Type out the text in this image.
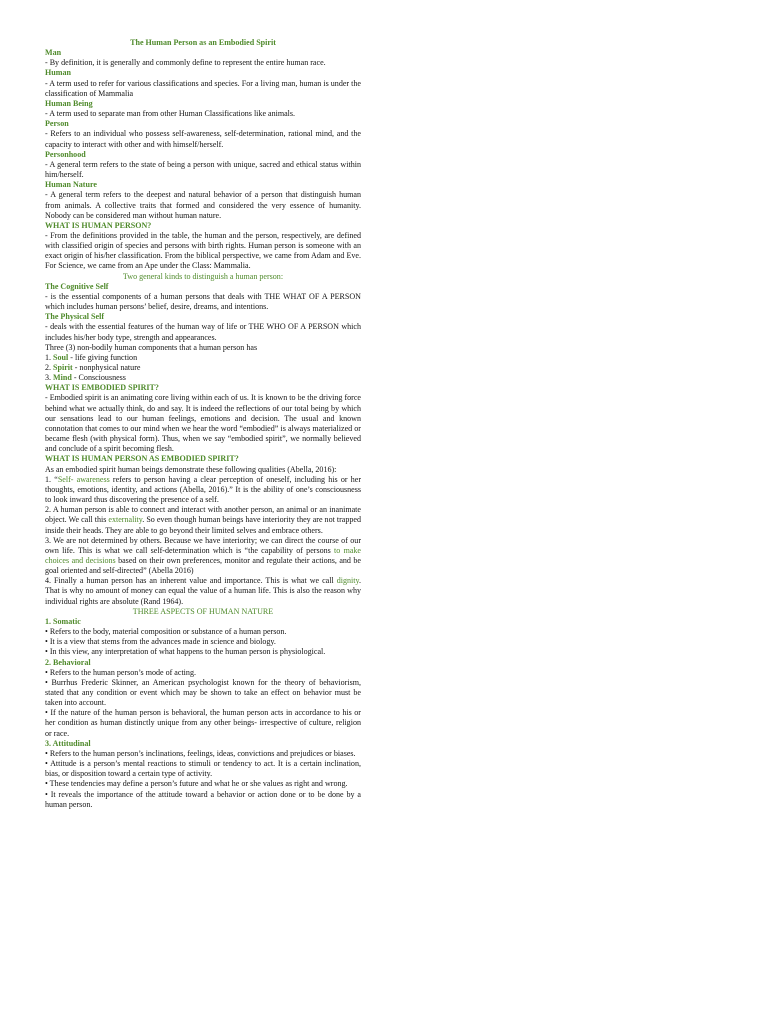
The Human Person as an Embodied Spirit

Man

- By definition, it is generally and commonly define to represent the entire human race.

Human

- A term used to refer for various classifications and species. For a living man, human is under the classification of Mammalia

Human Being

- A term used to separate man from other Human Classifications like animals.

Person

- Refers to an individual who possess self-awareness, self-determination, rational mind, and the capacity to interact with other and with himself/herself.

Personhood

- A general term refers to the state of being a person with unique, sacred and ethical status within him/herself.

Human Nature

- A general term refers to the deepest and natural behavior of a person that distinguish human from animals. A collective traits that formed and considered the very essence of humanity. Nobody can be considered man without human nature.

WHAT IS HUMAN PERSON?

- From the definitions provided in the table, the human and the person, respectively, are defined with classified origin of species and persons with birth rights. Human person is someone with an exact origin of his/her classification. From the biblical perspective, we came from Adam and Eve. For Science, we came from an Ape under the Class: Mammalia.

Two general kinds to distinguish a human person:

The Cognitive Self

- is the essential components of a human persons that deals with THE WHAT OF A PERSON which includes human persons’ belief, desire, dreams, and intentions.

The Physical Self

- deals with the essential features of the human way of life or THE WHO OF A PERSON which includes his/her body type, strength and appearances.

Three (3) non-bodily human components that a human person has

1. Soul - life giving function

2. Spirit - nonphysical nature

3. Mind - Consciousness

WHAT IS EMBODIED SPIRIT?

- Embodied spirit is an animating core living within each of us. It is known to be the driving force behind what we actually think, do and say. It is indeed the reflections of our total being by which our sensations lead to our human feelings, emotions and decision. The usual and known connotation that comes to our mind when we hear the word “embodied” is always materialized or became flesh (with physical form). Thus, when we say “embodied spirit”, we normally believed and conclude of a spirit becoming flesh.

WHAT IS HUMAN PERSON AS EMBODIED SPIRIT?

As an embodied spirit human beings demonstrate these following qualities (Abella, 2016):

1. “Self- awareness refers to person having a clear perception of oneself, including his or her thoughts, emotions, identity, and actions (Abella, 2016).” It is the ability of one’s consciousness to look inward thus discovering the presence of a self.

2. A human person is able to connect and interact with another person, an animal or an inanimate object. We call this externality. So even though human beings have interiority they are not trapped inside their heads. They are able to go beyond their limited selves and embrace others.

3. We are not determined by others. Because we have interiority; we can direct the course of our own life. This is what we call self-determination which is “the capability of persons to make choices and decisions based on their own preferences, monitor and regulate their actions, and be goal oriented and self-directed” (Abella 2016)

4. Finally a human person has an inherent value and importance. This is what we call dignity. That is why no amount of money can equal the value of a human life. This is also the reason why individual rights are absolute (Rand 1964).

THREE ASPECTS OF HUMAN NATURE

1. Somatic

• Refers to the body, material composition or substance of a human person.

• It is a view that stems from the advances made in science and biology.

• In this view, any interpretation of what happens to the human person is physiological.

2. Behavioral

• Refers to the human person’s mode of acting.

• Burrhus Frederic Skinner, an American psychologist known for the theory of behaviorism, stated that any condition or event which may be shown to take an effect on behavior must be taken into account.

• If the nature of the human person is behavioral, the human person acts in accordance to his or her condition as human distinctly unique from any other beings- irrespective of culture, religion or race.

3. Attitudinal

• Refers to the human person’s inclinations, feelings, ideas, convictions and prejudices or biases.

• Attitude is a person’s mental reactions to stimuli or tendency to act. It is a certain inclination, bias, or disposition toward a certain type of activity.

• These tendencies may define a person’s future and what he or she values as right and wrong.

• It reveals the importance of the attitude toward a behavior or action done or to be done by a human person.
